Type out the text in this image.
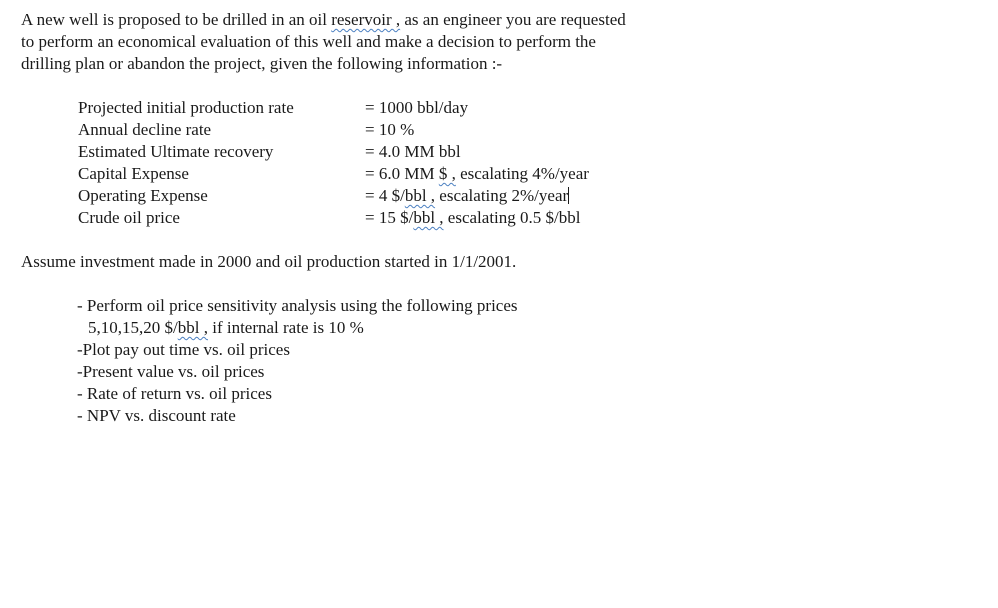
A new well is proposed to be drilled in an oil reservoir , as an engineer you are requested
to perform an economical evaluation of this well and make a decision to perform the
drilling plan or abandon the project, given the following information :-
Projected initial production rate	= 1000 bbl/day
Annual decline rate	= 10 %
Estimated Ultimate recovery	= 4.0 MM bbl
Capital Expense	= 6.0 MM $ , escalating 4%/year
Operating Expense	= 4 $/bbl , escalating 2%/year
Crude oil price	= 15 $/bbl , escalating 0.5 $/bbl
Assume investment made in 2000 and oil production started in 1/1/2001.
- Perform oil price sensitivity analysis using the following prices
5,10,15,20 $/bbl , if internal rate is 10 %
-Plot pay out time vs. oil prices
-Present value vs. oil prices
- Rate of return vs. oil prices
- NPV vs. discount rate
